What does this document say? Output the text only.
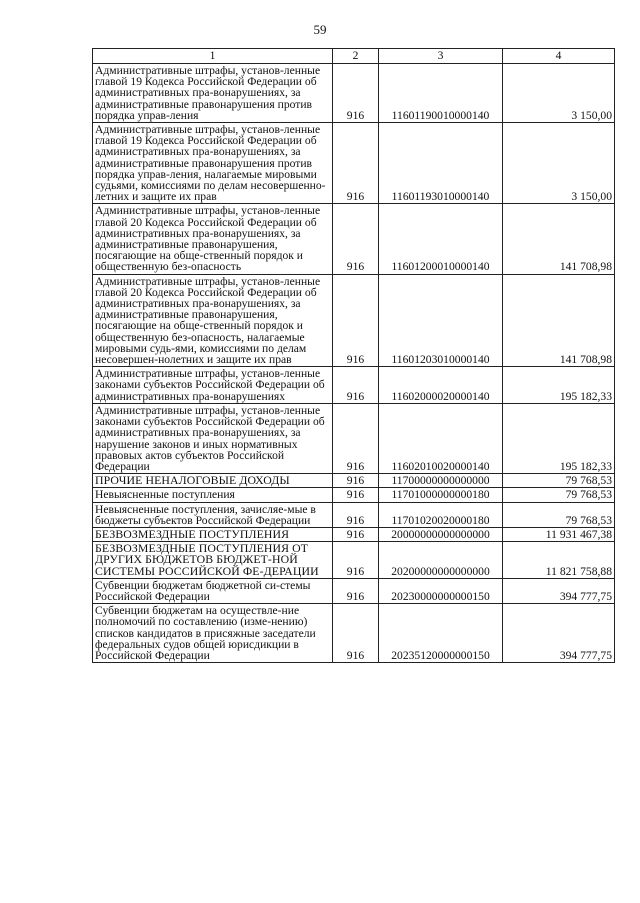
59
1	2	3	4
Административные штрафы, установ-ленные главой 19 Кодекса Российской Федерации об административных пра-вонарушениях, за административные правонарушения против порядка управ-ления	916	11601190010000140	3 150,00
Административные штрафы, установ-ленные главой 19 Кодекса Российской Федерации об административных пра-вонарушениях, за административные правонарушения против порядка управ-ления, налагаемые мировыми судьями, комиссиями по делам несовершенно-летних и защите их прав	916	11601193010000140	3 150,00
Административные штрафы, установ-ленные главой 20 Кодекса Российской Федерации об административных пра-вонарушениях, за административные правонарушения, посягающие на обще-ственный порядок и общественную без-опасность	916	11601200010000140	141 708,98
Административные штрафы, установ-ленные главой 20 Кодекса Российской Федерации об административных пра-вонарушениях, за административные правонарушения, посягающие на обще-ственный порядок и общественную без-опасность, налагаемые мировыми судь-ями, комиссиями по делам несовершен-нолетних и защите их прав	916	11601203010000140	141 708,98
Административные штрафы, установ-ленные законами субъектов Российской Федерации об административных пра-вонарушениях	916	11602000020000140	195 182,33
Административные штрафы, установ-ленные законами субъектов Российской Федерации об административных пра-вонарушениях, за нарушение законов и иных нормативных правовых актов субъектов Российской Федерации	916	11602010020000140	195 182,33
ПРОЧИЕ НЕНАЛОГОВЫЕ ДОХОДЫ	916	11700000000000000	79 768,53
Невыясненные поступления	916	11701000000000180	79 768,53
Невыясненные поступления, зачисляе-мые в бюджеты субъектов Российской Федерации	916	11701020020000180	79 768,53
БЕЗВОЗМЕЗДНЫЕ ПОСТУПЛЕНИЯ	916	20000000000000000	11 931 467,38
БЕЗВОЗМЕЗДНЫЕ ПОСТУПЛЕНИЯ ОТ ДРУГИХ БЮДЖЕТОВ БЮДЖЕТ-НОЙ СИСТЕМЫ РОССИЙСКОЙ ФЕ-ДЕРАЦИИ	916	20200000000000000	11 821 758,88
Субвенции бюджетам бюджетной си-стемы Российской Федерации	916	20230000000000150	394 777,75
Субвенции бюджетам на осуществле-ние полномочий по составлению (изме-нению) списков кандидатов в присяжные заседатели федеральных судов общей юрисдикции в Российской Федерации	916	20235120000000150	394 777,75
